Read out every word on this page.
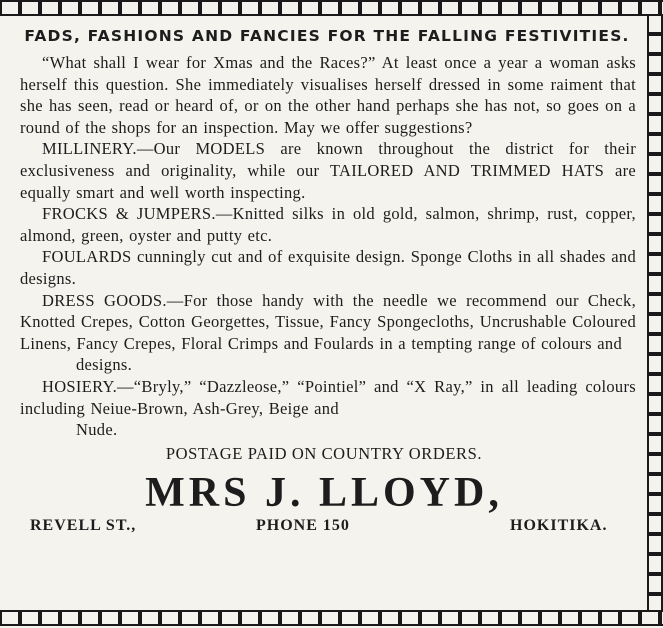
FADS, FASHIONS AND FANCIES FOR THE FALLING FESTIVITIES.

“What shall I wear for Xmas and the Races?” At least once a year a woman asks herself this question. She immediately visualises herself dressed in some raiment that she has seen, read or heard of, or on the other hand perhaps she has not, so goes on a round of the shops for an inspection. May we offer suggestions?

MILLINERY.—Our MODELS are known throughout the district for their exclusiveness and originality, while our TAILORED AND TRIMMED HATS are equally smart and well worth inspecting.

FROCKS & JUMPERS.—Knitted silks in old gold, salmon, shrimp, rust, copper, almond, green, oyster and putty etc.

FOULARDS cunningly cut and of exquisite design. Sponge Cloths in all shades and designs.

DRESS GOODS.—For those handy with the needle we recommend our Check, Knotted Crepes, Cotton Georgettes, Tissue, Fancy Spongecloths, Uncrushable Coloured Linens, Fancy Crepes, Floral Crimps and Foulards in a tempting range of colours and

designs.

HOSIERY.—“Bryly,” “Dazzleose,” “Pointiel” and “X Ray,” in all leading colours including Neiue-Brown, Ash-Grey, Beige and

Nude.

POSTAGE PAID ON COUNTRY ORDERS.
MRS J. LLOYD,
REVELL ST.,	PHONE 150	HOKITIKA.
